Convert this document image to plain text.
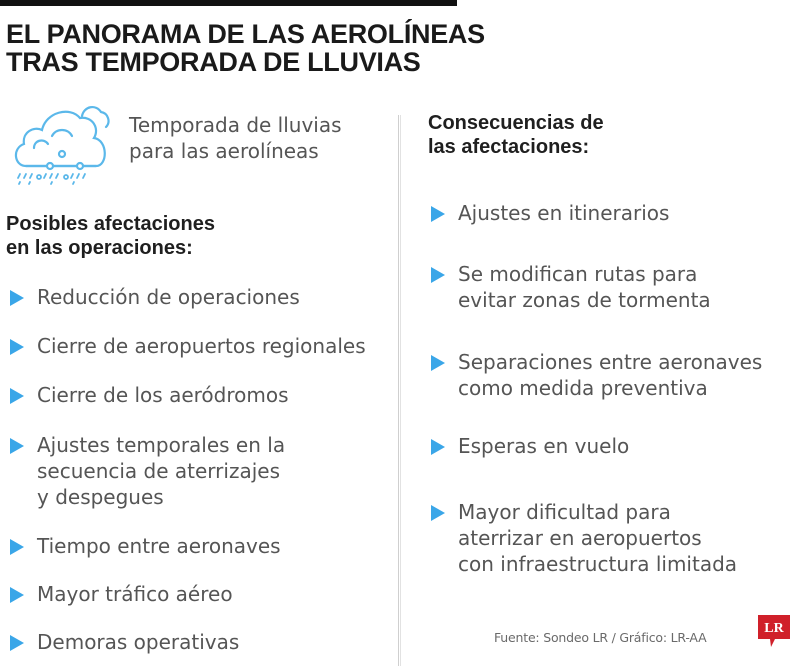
EL PANORAMA DE LAS AEROLÍNEAS
TRAS TEMPORADA DE LLUVIAS
Temporada de lluvias
para las aerolíneas
Posibles afectaciones
en las operaciones:
Reducción de operaciones
Cierre de aeropuertos regionales
Cierre de los aeródromos
Ajustes temporales en la
secuencia de aterrizajes
y despegues
Tiempo entre aeronaves
Mayor tráfico aéreo
Demoras operativas
Consecuencias de
las afectaciones:
Ajustes en itinerarios
Se modifican rutas para
evitar zonas de tormenta
Separaciones entre aeronaves
como medida preventiva
Esperas en vuelo
Mayor dificultad para
aterrizar en aeropuertos
con infraestructura limitada
Fuente: Sondeo LR / Gráfico: LR-AA
LR
